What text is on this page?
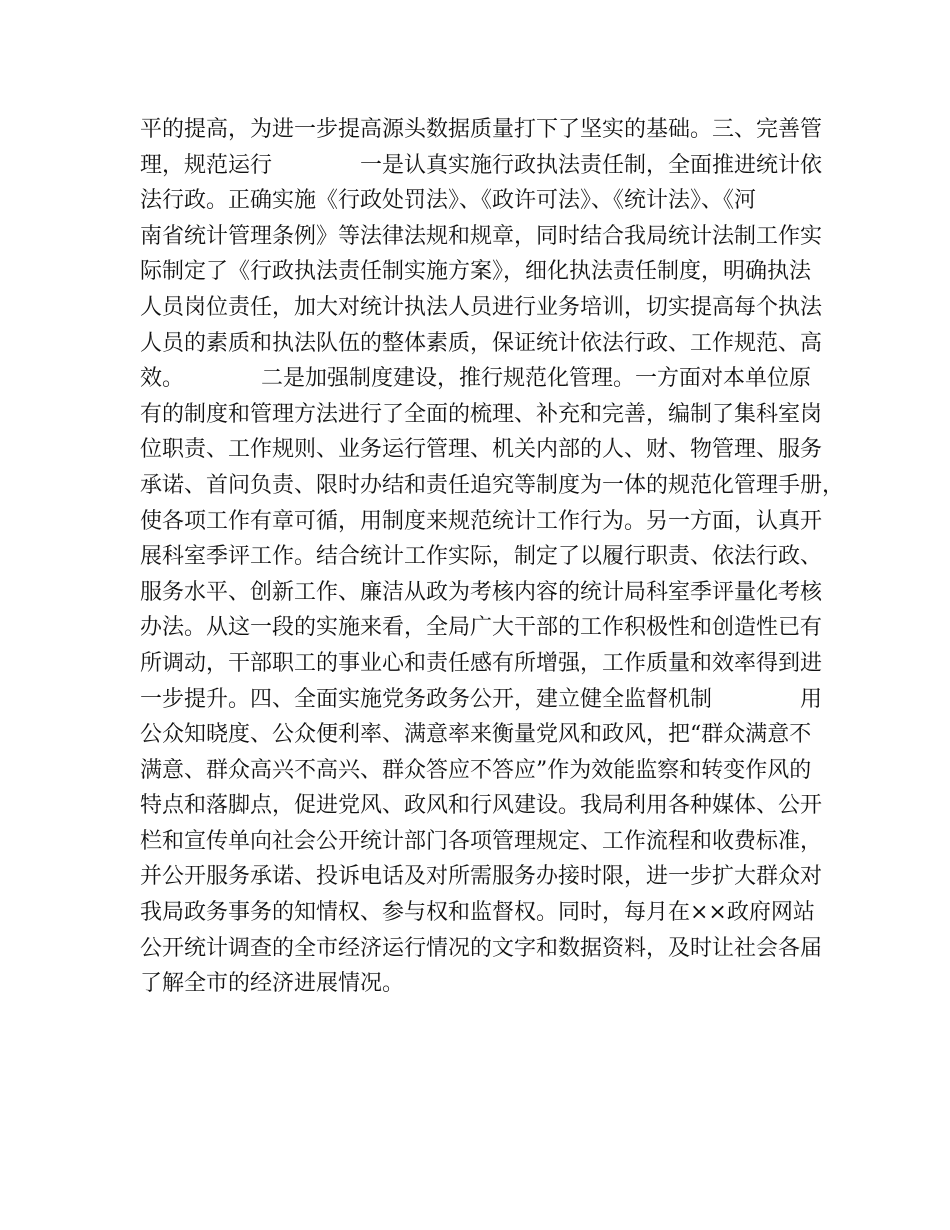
平的提高，为进一步提高源头数据质量打下了坚实的基础。三、完善管
理，规范运行　　　　一是认真实施行政执法责任制，全面推进统计依
法行政。正确实施《行政处罚法》、《政许可法》、《统计法》、《河
南省统计管理条例》等法律法规和规章，同时结合我局统计法制工作实
际制定了《行政执法责任制实施方案》，细化执法责任制度，明确执法
人员岗位责任，加大对统计执法人员进行业务培训，切实提高每个执法
人员的素质和执法队伍的整体素质，保证统计依法行政、工作规范、高
效。　　　　二是加强制度建设，推行规范化管理。一方面对本单位原
有的制度和管理方法进行了全面的梳理、补充和完善，编制了集科室岗
位职责、工作规则、业务运行管理、机关内部的人、财、物管理、服务
承诺、首问负责、限时办结和责任追究等制度为一体的规范化管理手册，
使各项工作有章可循，用制度来规范统计工作行为。另一方面，认真开
展科室季评工作。结合统计工作实际，制定了以履行职责、依法行政、
服务水平、创新工作、廉洁从政为考核内容的统计局科室季评量化考核
办法。从这一段的实施来看，全局广大干部的工作积极性和创造性已有
所调动，干部职工的事业心和责任感有所增强，工作质量和效率得到进
一步提升。四、全面实施党务政务公开，建立健全监督机制　　　　用
公众知晓度、公众便利率、满意率来衡量党风和政风，把“群众满意不
满意、群众高兴不高兴、群众答应不答应”作为效能监察和转变作风的
特点和落脚点，促进党风、政风和行风建设。我局利用各种媒体、公开
栏和宣传单向社会公开统计部门各项管理规定、工作流程和收费标准，
并公开服务承诺、投诉电话及对所需服务办接时限，进一步扩大群众对
我局政务事务的知情权、参与权和监督权。同时，每月在××政府网站
公开统计调查的全市经济运行情况的文字和数据资料，及时让社会各届
了解全市的经济进展情况。
